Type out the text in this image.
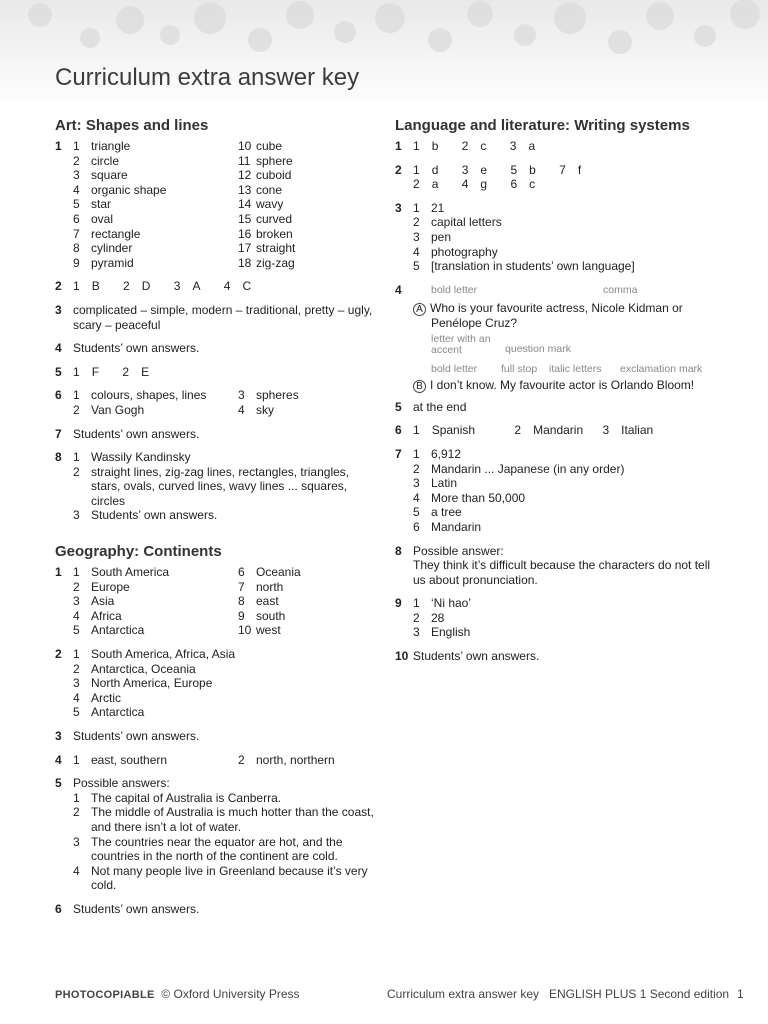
Curriculum extra answer key
Art: Shapes and lines
1 1 triangle
2 circle
3 square
4 organic shape
5 star
6 oval
7 rectangle
8 cylinder
9 pyramid
10 cube
11 sphere
12 cuboid
13 cone
14 wavy
15 curved
16 broken
17 straight
18 zig-zag
2 1 B 2 D 3 A 4 C
3 complicated – simple, modern – traditional, pretty – ugly, scary – peaceful
4 Students’ own answers.
5 1 F 2 E
6 1 colours, shapes, lines
2 Van Gogh
3 spheres
4 sky
7 Students’ own answers.
8 1 Wassily Kandinsky
2 straight lines, zig-zag lines, rectangles, triangles, stars, ovals, curved lines, wavy lines ... squares, circles
3 Students’ own answers.
Geography: Continents
1 1 South America
2 Europe
3 Asia
4 Africa
5 Antarctica
6 Oceania
7 north
8 east
9 south
10 west
2 1 South America, Africa, Asia
2 Antarctica, Oceania
3 North America, Europe
4 Arctic
5 Antarctica
3 Students’ own answers.
4 1 east, southern	2 north, northern
5 Possible answers:
1 The capital of Australia is Canberra.
2 The middle of Australia is much hotter than the coast, and there isn’t a lot of water.
3 The countries near the equator are hot, and the countries in the north of the continent are cold.
4 Not many people live in Greenland because it’s very cold.
6 Students’ own answers.
Language and literature: Writing systems
1 1 b 2 c 3 a
2 1 d 3 e 5 b 7 f
2 a 4 g 6 c
3 1 21
2 capital letters
3 pen
4 photography
5 [translation in students’ own language]
4	bold letter	comma
A Who is your favourite actress, Nicole Kidman or
Penélope Cruz?
letter with an accent	question mark
bold letter full stop italic letters exclamation mark
B I don’t know. My favourite actor is Orlando Bloom!
5 at the end
6 1 Spanish	2 Mandarin 3 Italian
7 1 6,912
2 Mandarin ... Japanese (in any order)
3 Latin
4 More than 50,000
5 a tree
6 Mandarin
8 Possible answer:
They think it’s difficult because the characters do not tell us about pronunciation.
9 1 ‘Ni hao’
2 28
3 English
10 Students’ own answers.
PHOTOCOPIABLE © Oxford University Press	Curriculum extra answer key ENGLISH PLUS 1 Second edition 1
